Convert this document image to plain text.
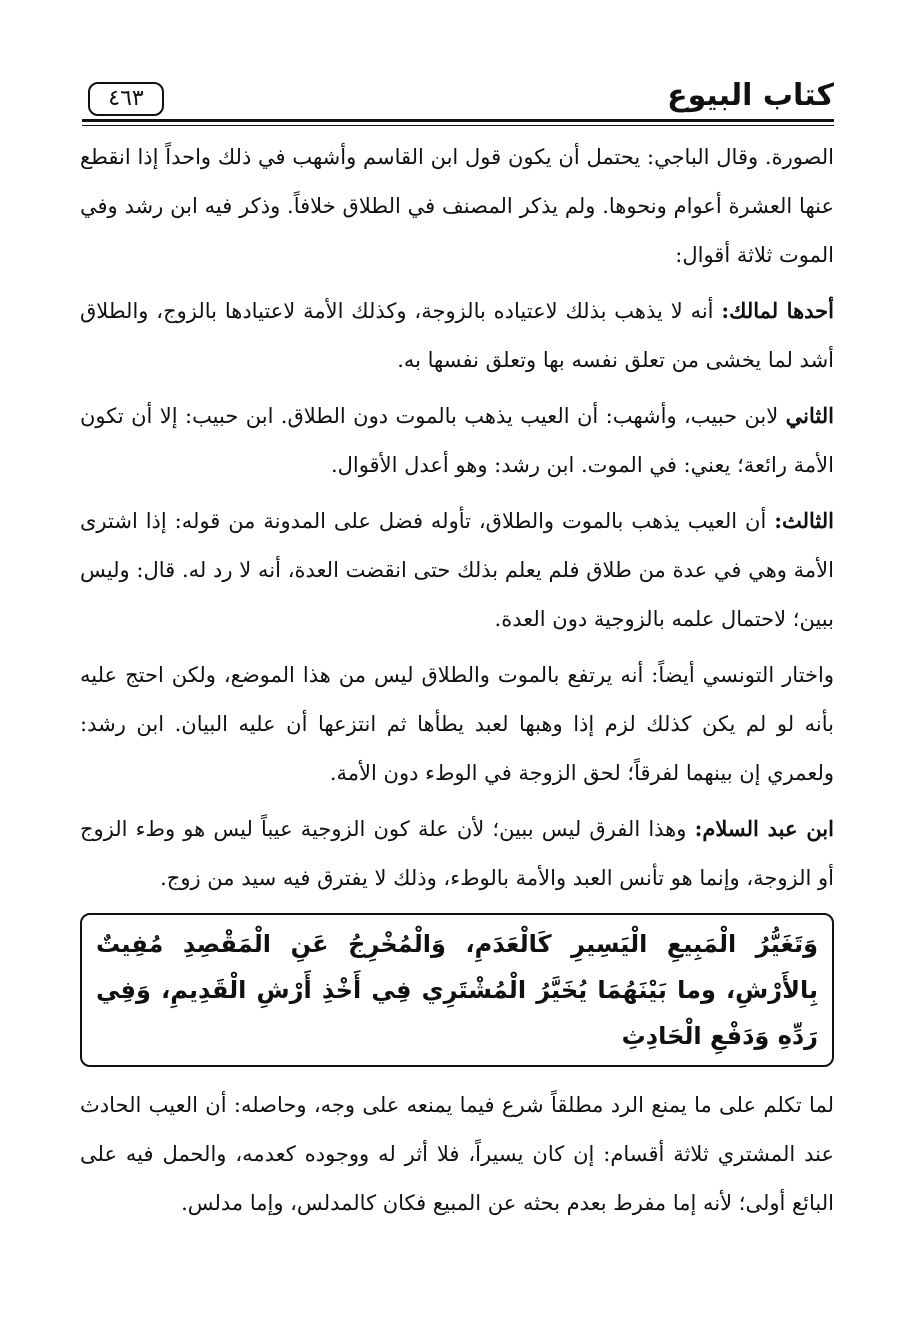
كتاب البيوع
٤٦٣

الصورة. وقال الباجي: يحتمل أن يكون قول ابن القاسم وأشهب في ذلك واحداً إذا انقطع عنها العشرة أعوام ونحوها. ولم يذكر المصنف في الطلاق خلافاً. وذكر فيه ابن رشد وفي الموت ثلاثة أقوال:

أحدها لمالك: أنه لا يذهب بذلك لاعتياده بالزوجة، وكذلك الأمة لاعتيادها بالزوج، والطلاق أشد لما يخشى من تعلق نفسه بها وتعلق نفسها به.

الثاني لابن حبيب، وأشهب: أن العيب يذهب بالموت دون الطلاق. ابن حبيب: إلا أن تكون الأمة رائعة؛ يعني: في الموت. ابن رشد: وهو أعدل الأقوال.

الثالث: أن العيب يذهب بالموت والطلاق، تأوله فضل على المدونة من قوله: إذا اشترى الأمة وهي في عدة من طلاق فلم يعلم بذلك حتى انقضت العدة، أنه لا رد له. قال: وليس ببين؛ لاحتمال علمه بالزوجية دون العدة.

واختار التونسي أيضاً: أنه يرتفع بالموت والطلاق ليس من هذا الموضع، ولكن احتج عليه بأنه لو لم يكن كذلك لزم إذا وهبها لعبد يطأها ثم انتزعها أن عليه البيان. ابن رشد: ولعمري إن بينهما لفرقاً؛ لحق الزوجة في الوطء دون الأمة.

ابن عبد السلام: وهذا الفرق ليس ببين؛ لأن علة كون الزوجية عيباً ليس هو وطء الزوج أو الزوجة، وإنما هو تأنس العبد والأمة بالوطء، وذلك لا يفترق فيه سيد من زوج.

وَتَغَيُّرُ الْمَبِيعِ الْيَسِيرِ كَالْعَدَمِ، وَالْمُخْرِجُ عَنِ الْمَقْصِدِ مُفِيتٌ بِالأَرْشِ، وما بَيْنَهُمَا يُخَيَّرُ الْمُشْتَرِي فِي أَخْذِ أَرْشِ الْقَدِيمِ، وَفِي رَدِّهِ وَدَفْعِ الْحَادِثِ

لما تكلم على ما يمنع الرد مطلقاً شرع فيما يمنعه على وجه، وحاصله: أن العيب الحادث عند المشتري ثلاثة أقسام: إن كان يسيراً، فلا أثر له ووجوده كعدمه، والحمل فيه على البائع أولى؛ لأنه إما مفرط بعدم بحثه عن المبيع فكان كالمدلس، وإما مدلس.
